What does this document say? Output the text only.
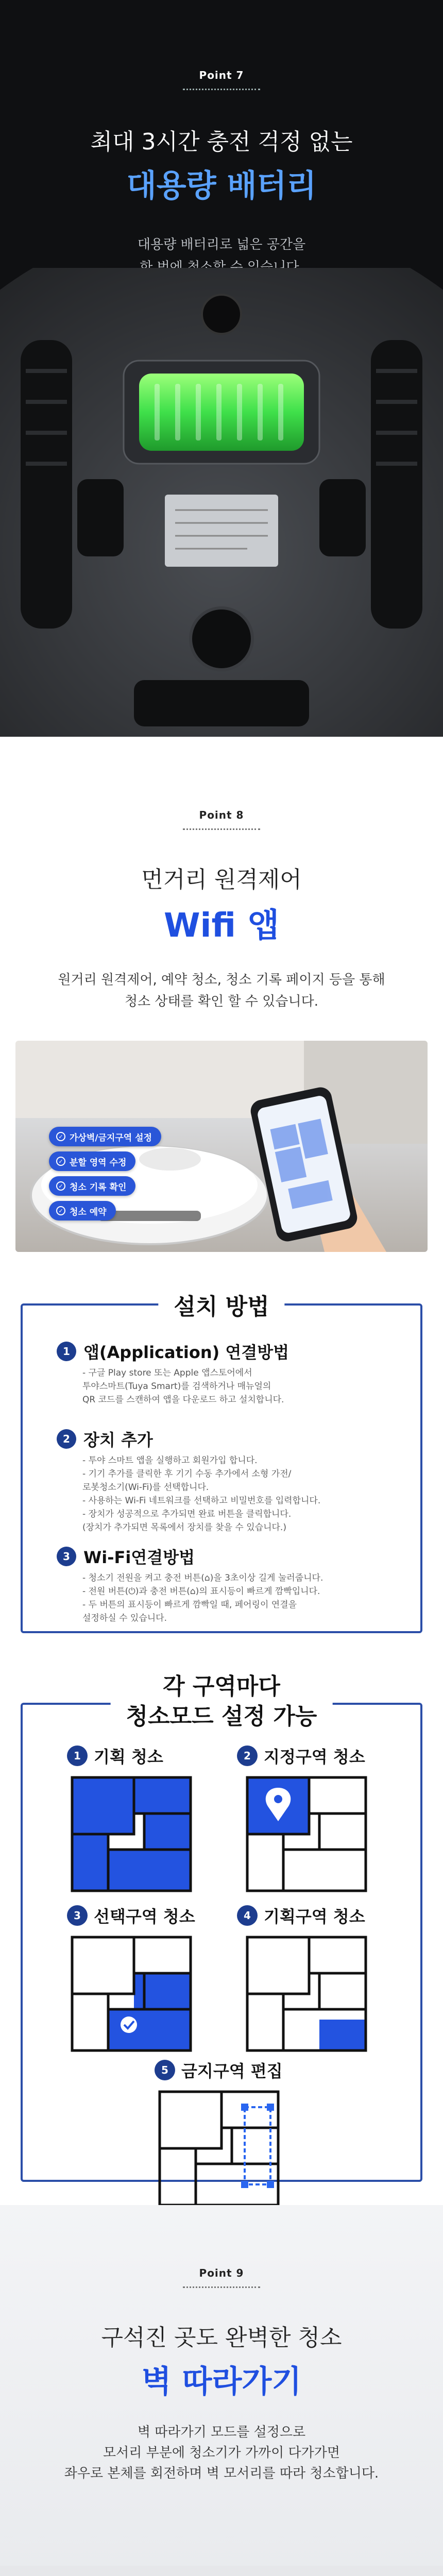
Point 7
최대 3시간 충전 걱정 없는
대용량 배터리
대용량 배터리로 넓은 공간을
한 번에 청소할 수 있습니다.
Point 8
먼거리 원격제어
Wifi 앱
원거리 원격제어, 예약 청소, 청소 기록 페이지 등을 통해
청소 상태를 확인 할 수 있습니다.
✓ 가상벽/금지구역 설정
✓ 분할 영역 수정
✓ 청소 기록 확인
✓ 청소 예약
설치 방법
1 앱(Application) 연결방법
- 구글 Play store 또는 Apple 앱스토어에서
투야스마트(Tuya Smart)를 검색하거나 매뉴얼의
QR 코드를 스캔하여 앱을 다운로드 하고 설치합니다.
2 장치 추가
- 투야 스마트 앱을 실행하고 회원가입 합니다.
- 기기 추가를 클릭한 후 기기 수동 추가에서 소형 가전/
로봇청소기(Wi-Fi)를 선택합니다.
- 사용하는 Wi-Fi 네트워크를 선택하고 비밀번호를 입력합니다.
- 장치가 성공적으로 추가되면 완료 버튼을 클릭합니다.
(장치가 추가되면 목록에서 장치를 찾을 수 있습니다.)
3 Wi-Fi연결방법
- 청소기 전원을 켜고 충전 버튼(⌂)을 3초이상 길게 눌러줍니다.
- 전원 버튼(⏻)과 충전 버튼(⌂)의 표시등이 빠르게 깜빡입니다.
- 두 버튼의 표시등이 빠르게 깜빡일 때, 페어링이 연결을
설정하실 수 있습니다.
각 구역마다
청소모드 설정 가능
1 기획 청소	2 지정구역 청소
3 선택구역 청소	4 기획구역 청소
5 금지구역 편집
Point 9
구석진 곳도 완벽한 청소
벽 따라가기
벽 따라가기 모드를 설정으로
모서리 부분에 청소기가 가까이 다가가면
좌우로 본체를 회전하며 벽 모서리를 따라 청소합니다.
